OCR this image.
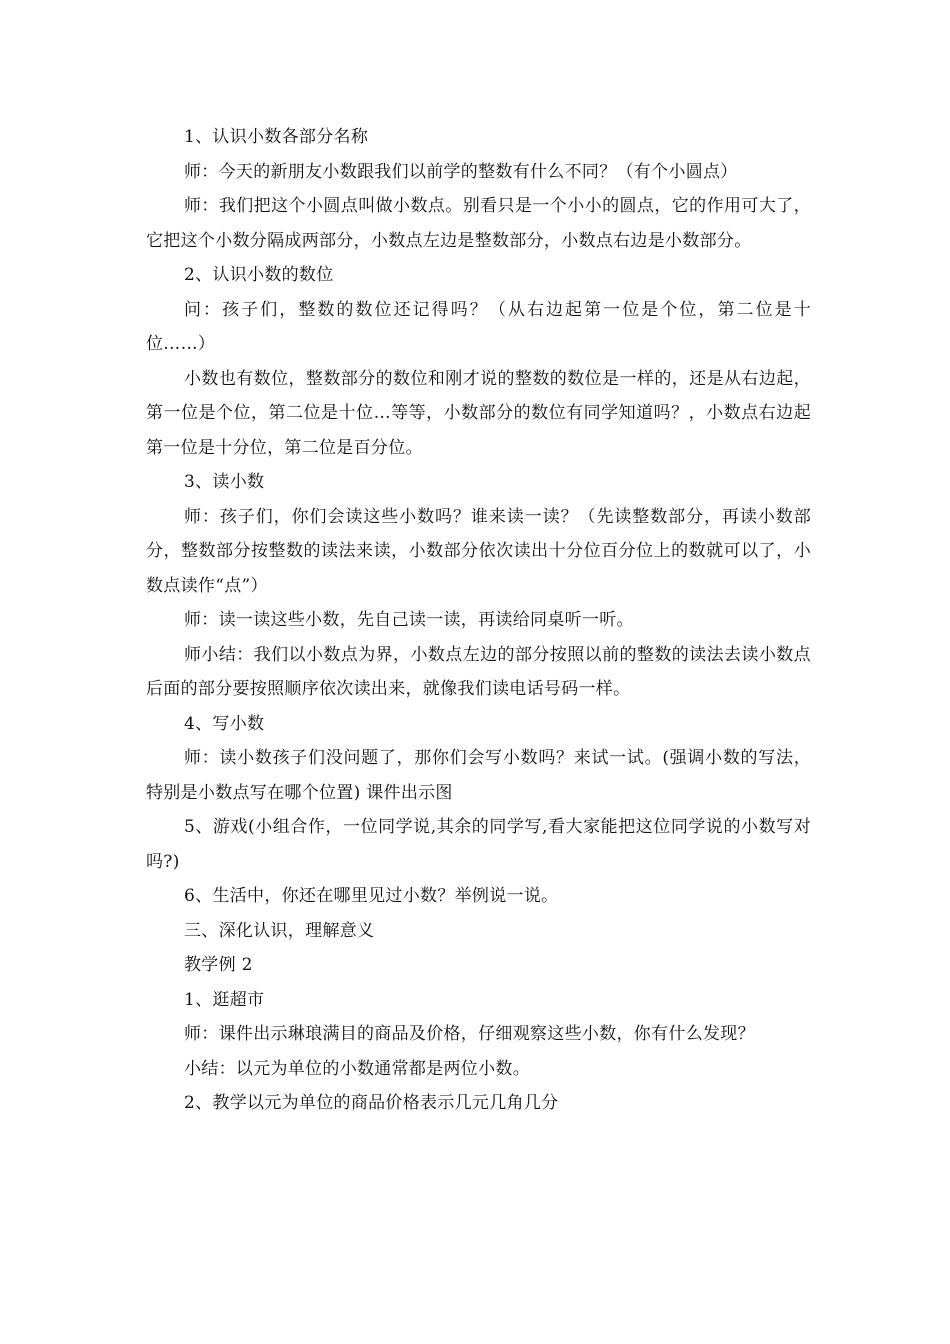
1、认识小数各部分名称

师：今天的新朋友小数跟我们以前学的整数有什么不同？（有个小圆点）

师：我们把这个小圆点叫做小数点。别看只是一个小小的圆点，它的作用可大了，它把这个小数分隔成两部分，小数点左边是整数部分，小数点右边是小数部分。

2、认识小数的数位

问：孩子们，整数的数位还记得吗？（从右边起第一位是个位，第二位是十位……）

小数也有数位，整数部分的数位和刚才说的整数的数位是一样的，还是从右边起，第一位是个位，第二位是十位…等等，小数部分的数位有同学知道吗？，小数点右边起第一位是十分位，第二位是百分位。

3、读小数

师：孩子们，你们会读这些小数吗？谁来读一读？（先读整数部分，再读小数部分，整数部分按整数的读法来读，小数部分依次读出十分位百分位上的数就可以了，小数点读作“点”）

师：读一读这些小数，先自己读一读，再读给同桌听一听。

师小结：我们以小数点为界，小数点左边的部分按照以前的整数的读法去读小数点后面的部分要按照顺序依次读出来，就像我们读电话号码一样。

4、写小数

师：读小数孩子们没问题了，那你们会写小数吗？来试一试。(强调小数的写法，特别是小数点写在哪个位置) 课件出示图

5、游戏(小组合作，一位同学说,其余的同学写,看大家能把这位同学说的小数写对吗?)

6、生活中，你还在哪里见过小数？举例说一说。

三、深化认识，理解意义

教学例 2

1、逛超市

师：课件出示琳琅满目的商品及价格，仔细观察这些小数，你有什么发现？

小结：以元为单位的小数通常都是两位小数。

2、教学以元为单位的商品价格表示几元几角几分
